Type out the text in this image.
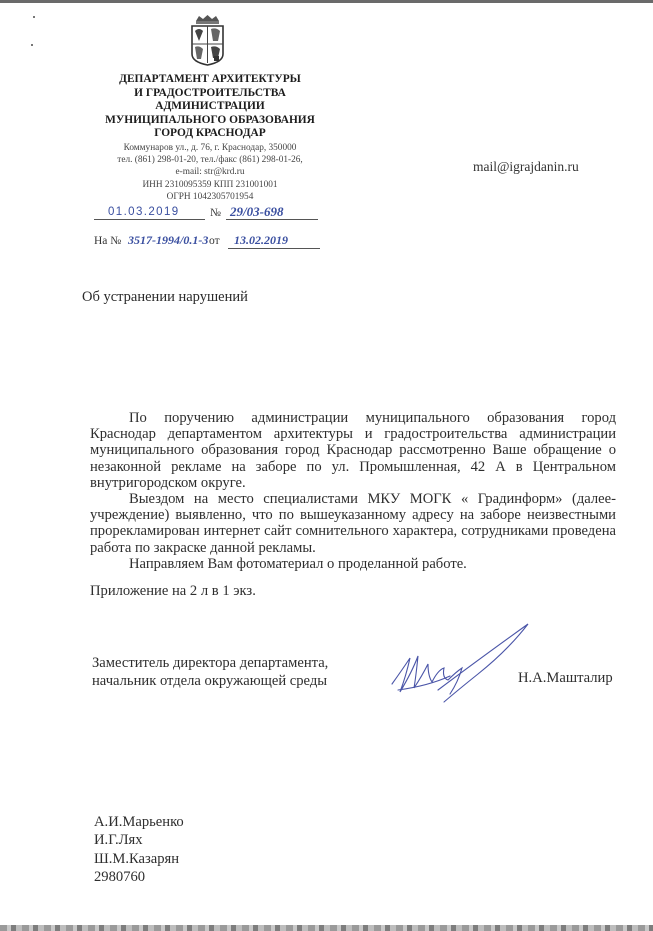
ДЕПАРТАМЕНТ АРХИТЕКТУРЫ
И ГРАДОСТРОИТЕЛЬСТВА
АДМИНИСТРАЦИИ
МУНИЦИПАЛЬНОГО ОБРАЗОВАНИЯ
ГОРОД КРАСНОДАР
Коммунаров ул., д. 76, г. Краснодар, 350000
тел. (861) 298-01-20, тел./факс (861) 298-01-26,
e-mail: str@krd.ru
ИНН 2310095359 КПП 231001001
ОГРН 1042305701954
mail@igrajdanin.ru
01.03.2019	№ 29/03-698
На № 3517-1994/0.1-3 от 13.02.2019
Об устранении нарушений

По поручению администрации муниципального образования город Краснодар департаментом архитектуры и градостроительства администрации муниципального образования город Краснодар рассмотренно Ваше обращение о незаконной рекламе на заборе по ул. Промышленная, 42 А в Центральном внутригородском округе.

Выездом на место специалистами МКУ МОГК « Градинформ» (далее-учреждение) выявленно, что по вышеуказанному адресу на заборе неизвестными прорекламирован интернет сайт сомнительного характера, сотрудниками проведена работа по закраске данной рекламы.

Направляем Вам фотоматериал о проделанной работе.

Приложение на 2 л в 1 экз.
Заместитель директора департамента,
начальник отдела окружающей среды	Н.А.Машталир
А.И.Марьенко
И.Г.Лях
Ш.М.Казарян
2980760
